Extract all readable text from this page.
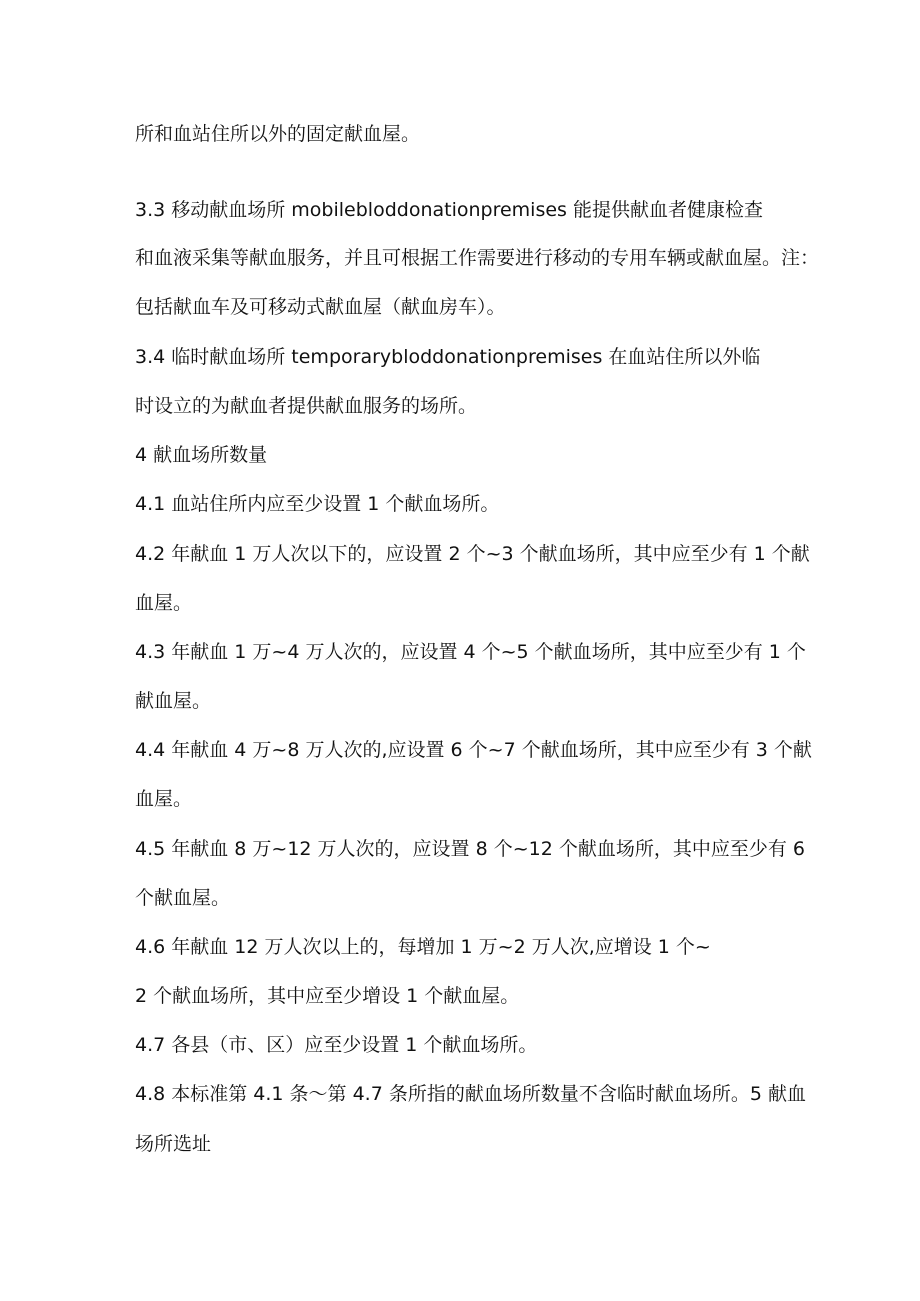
所和血站住所以外的固定献血屋。
3.3 移动献血场所 mobilebloddonationpremises 能提供献血者健康检查
和血液采集等献血服务，并且可根据工作需要进行移动的专用车辆或献血屋。注：
包括献血车及可移动式献血屋（献血房车）。
3.4 临时献血场所 temporarybloddonationpremises 在血站住所以外临
时设立的为献血者提供献血服务的场所。
4 献血场所数量
4.1 血站住所内应至少设置 1 个献血场所。
4.2 年献血 1 万人次以下的，应设置 2 个~3 个献血场所，其中应至少有 1 个献
血屋。
4.3 年献血 1 万~4 万人次的，应设置 4 个~5 个献血场所，其中应至少有 1 个
献血屋。
4.4 年献血 4 万~8 万人次的,应设置 6 个~7 个献血场所，其中应至少有 3 个献
血屋。
4.5 年献血 8 万~12 万人次的，应设置 8 个~12 个献血场所，其中应至少有 6
个献血屋。
4.6 年献血 12 万人次以上的，每增加 1 万~2 万人次,应增设 1 个~
2 个献血场所，其中应至少增设 1 个献血屋。
4.7 各县（市、区）应至少设置 1 个献血场所。
4.8 本标准第 4.1 条～第 4.7 条所指的献血场所数量不含临时献血场所。5 献血
场所选址
